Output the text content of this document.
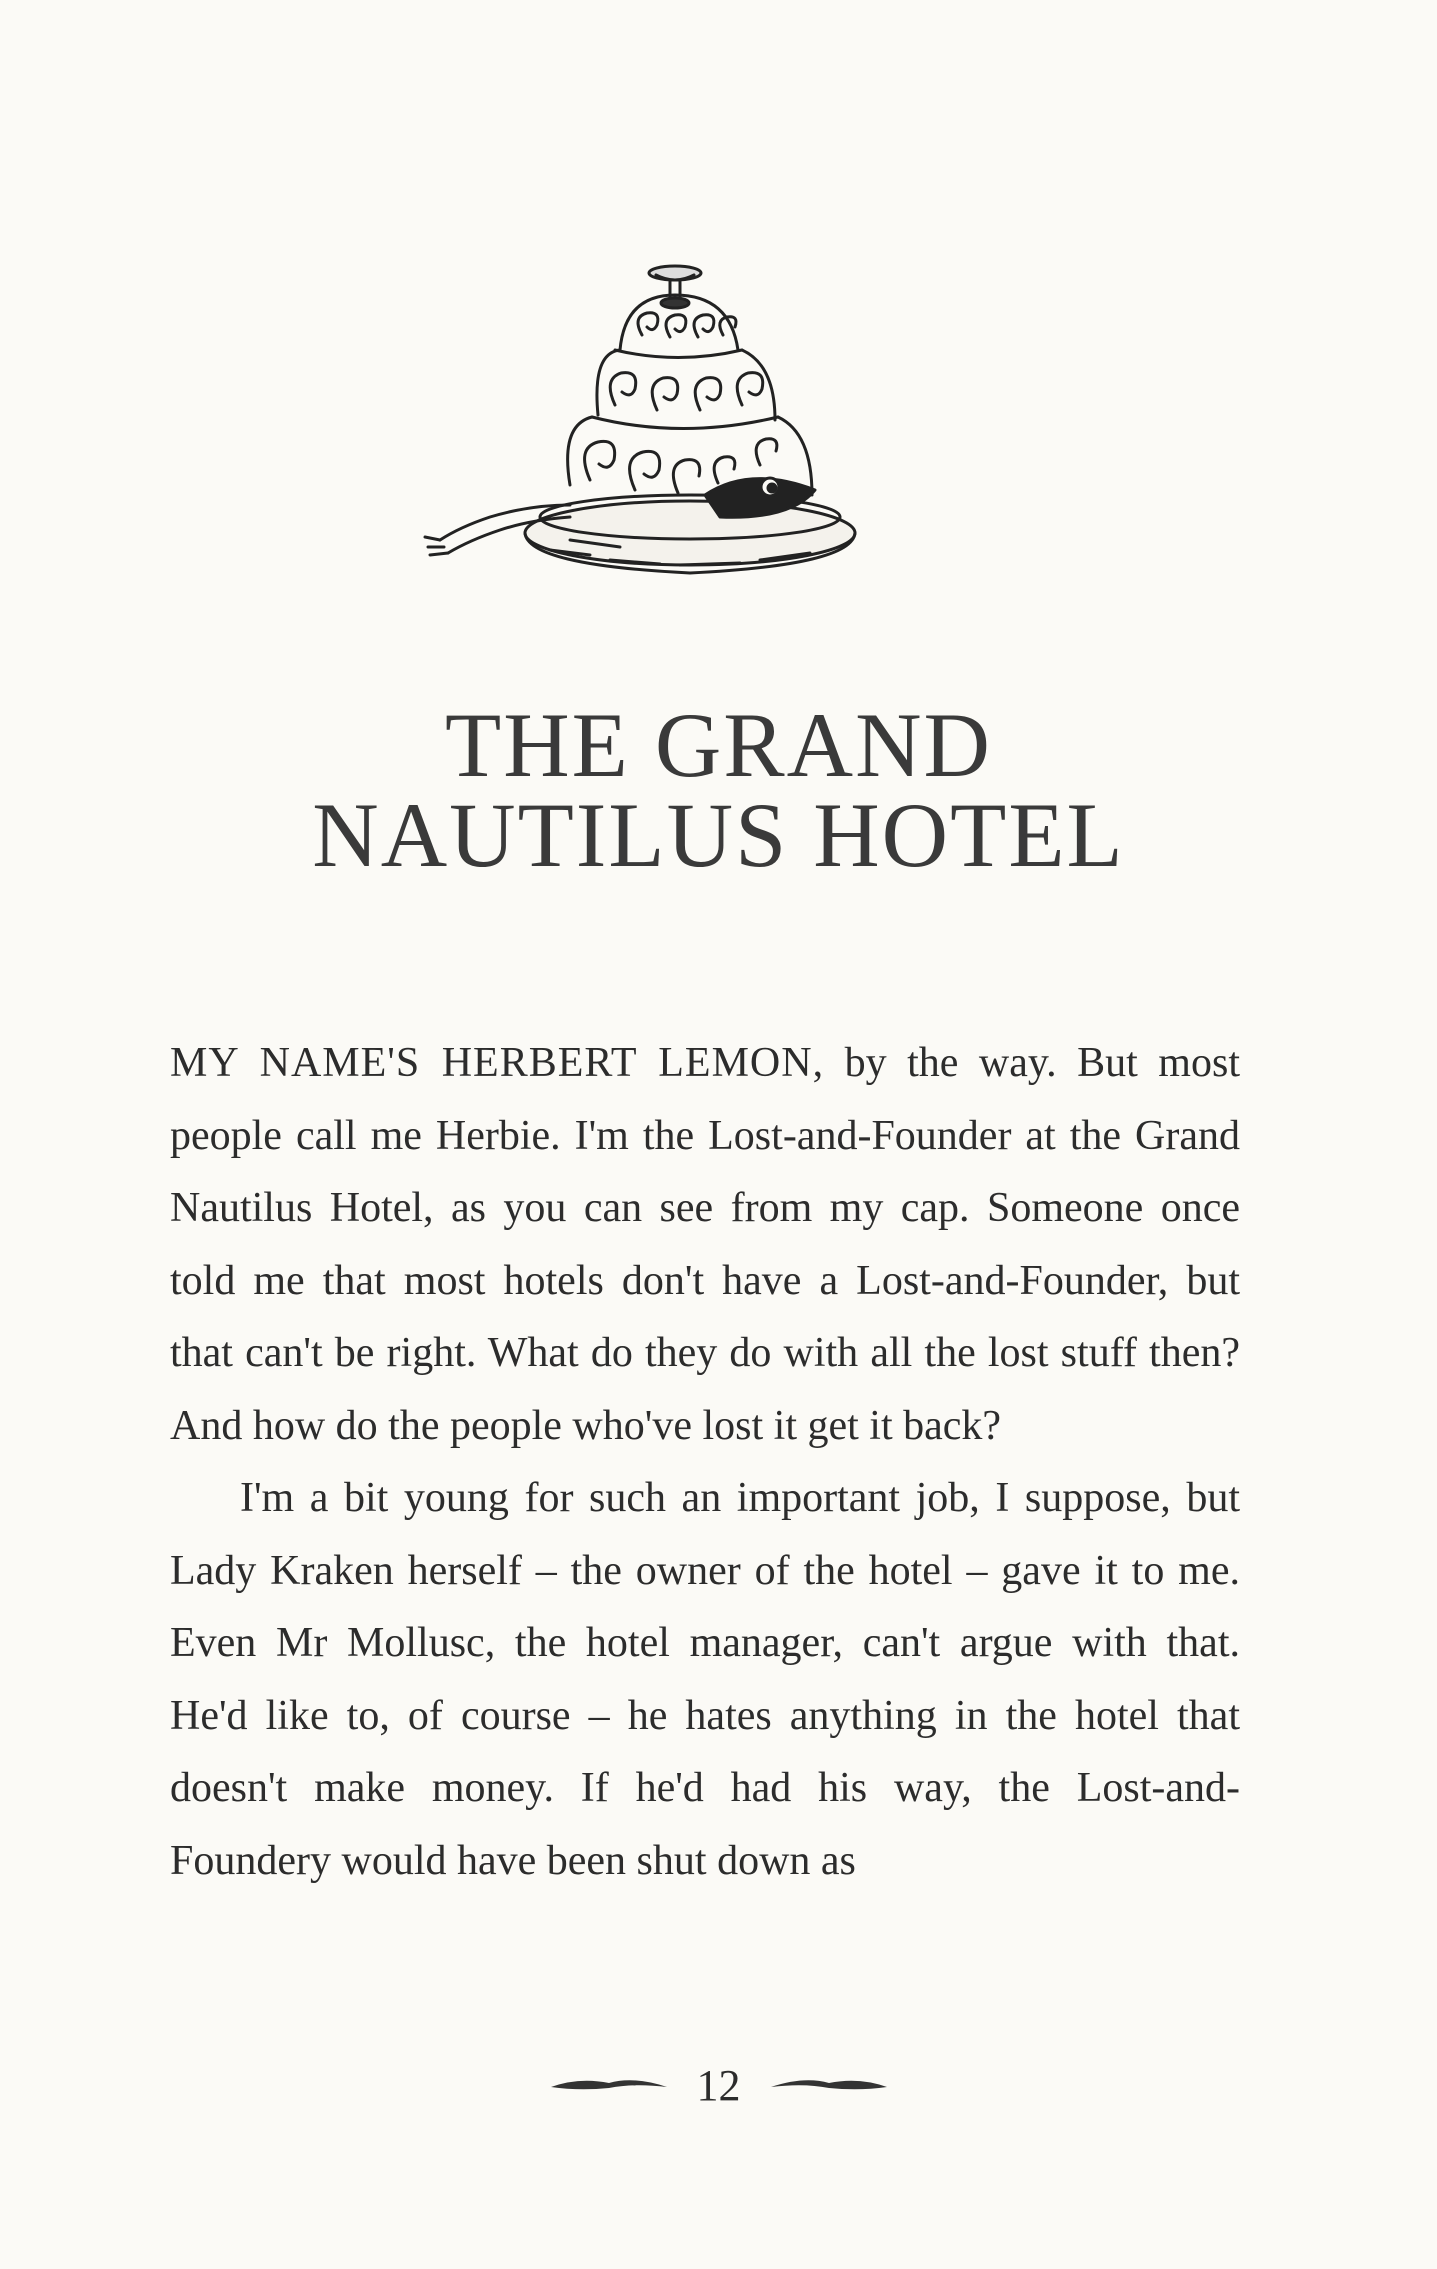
THE GRAND
NAUTILUS HOTEL

MY NAME'S HERBERT LEMON, by the way. But most people call me Herbie. I'm the Lost-and-Founder at the Grand Nautilus Hotel, as you can see from my cap. Someone once told me that most hotels don't have a Lost-and-Founder, but that can't be right. What do they do with all the lost stuff then? And how do the people who've lost it get it back?

I'm a bit young for such an important job, I suppose, but Lady Kraken herself – the owner of the hotel – gave it to me. Even Mr Mollusc, the hotel manager, can't argue with that. He'd like to, of course – he hates anything in the hotel that doesn't make money. If he'd had his way, the Lost-and-Foundery would have been shut down as

12
